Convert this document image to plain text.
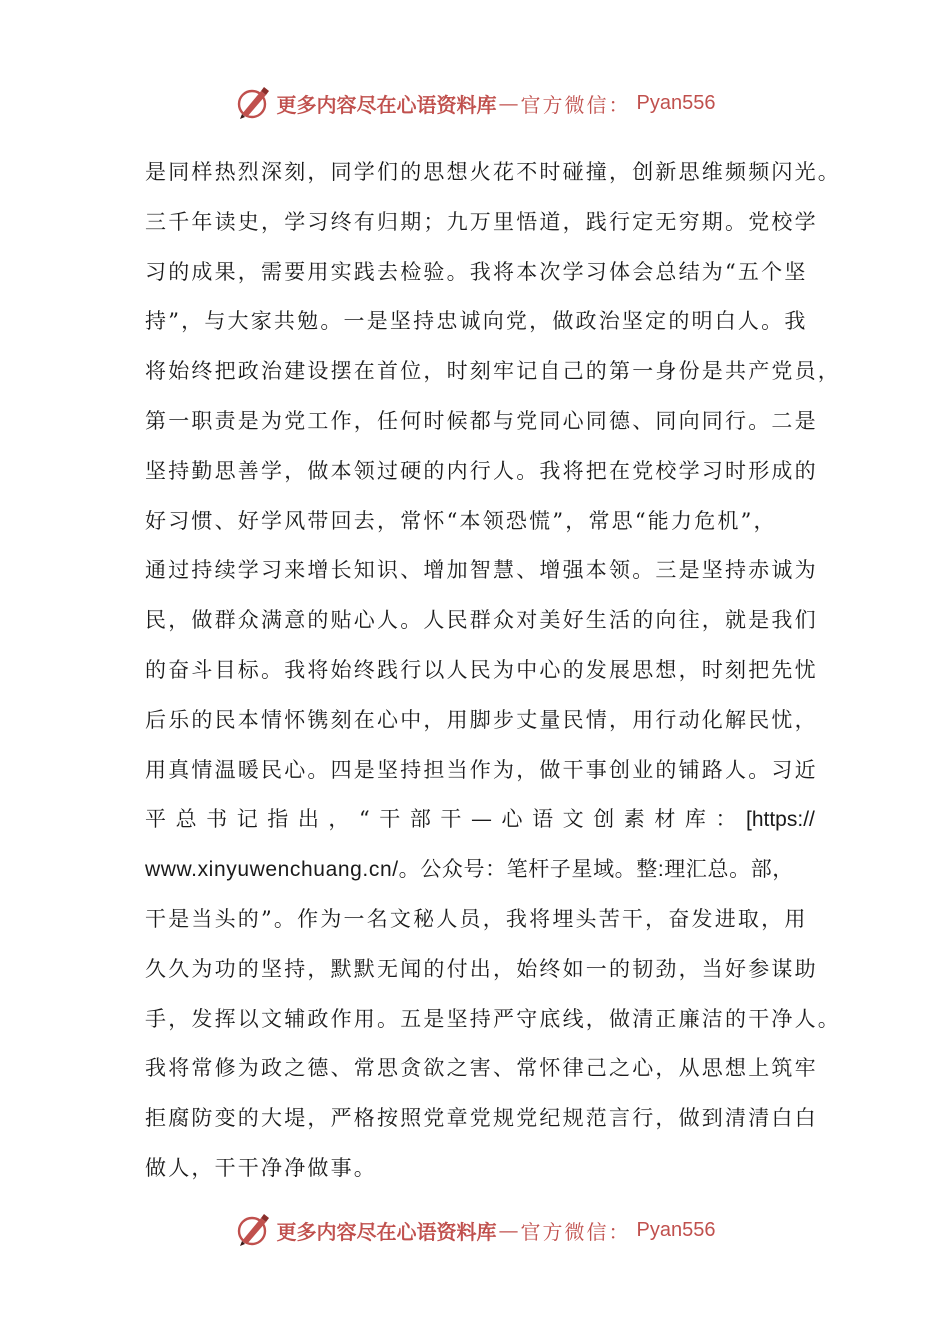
更多内容尽在心语资料库 — 官方微信： Pyan556
是同样热烈深刻，同学们的思想火花不时碰撞，创新思维频频闪光。
三千年读史，学习终有归期；九万里悟道，践行定无穷期。党校学
习的成果，需要用实践去检验。我将本次学习体会总结为“五个坚
持”，与大家共勉。一是坚持忠诚向党，做政治坚定的明白人。我
将始终把政治建设摆在首位，时刻牢记自己的第一身份是共产党员，
第一职责是为党工作，任何时候都与党同心同德、同向同行。二是
坚持勤思善学，做本领过硬的内行人。我将把在党校学习时形成的
好习惯、好学风带回去，常怀“本领恐慌”，常思“能力危机”，
通过持续学习来增长知识、增加智慧、增强本领。三是坚持赤诚为
民，做群众满意的贴心人。人民群众对美好生活的向往，就是我们
的奋斗目标。我将始终践行以人民为中心的发展思想，时刻把先忧
后乐的民本情怀镌刻在心中，用脚步丈量民情，用行动化解民忧，
用真情温暖民心。四是坚持担当作为，做干事创业的铺路人。习近
平 总 书 记 指 出 ， “ 干 部 干 — 心 语 文 创 素 材 库 ： [https://
www.xinyuwenchuang.cn/。公众号：笔杆子星域。整:理汇总。部，
干是当头的”。作为一名文秘人员，我将埋头苦干，奋发进取，用
久久为功的坚持，默默无闻的付出，始终如一的韧劲，当好参谋助
手，发挥以文辅政作用。五是坚持严守底线，做清正廉洁的干净人。
我将常修为政之德、常思贪欲之害、常怀律己之心，从思想上筑牢
拒腐防变的大堤，严格按照党章党规党纪规范言行，做到清清白白
做人，干干净净做事。
更多内容尽在心语资料库 — 官方微信： Pyan556
